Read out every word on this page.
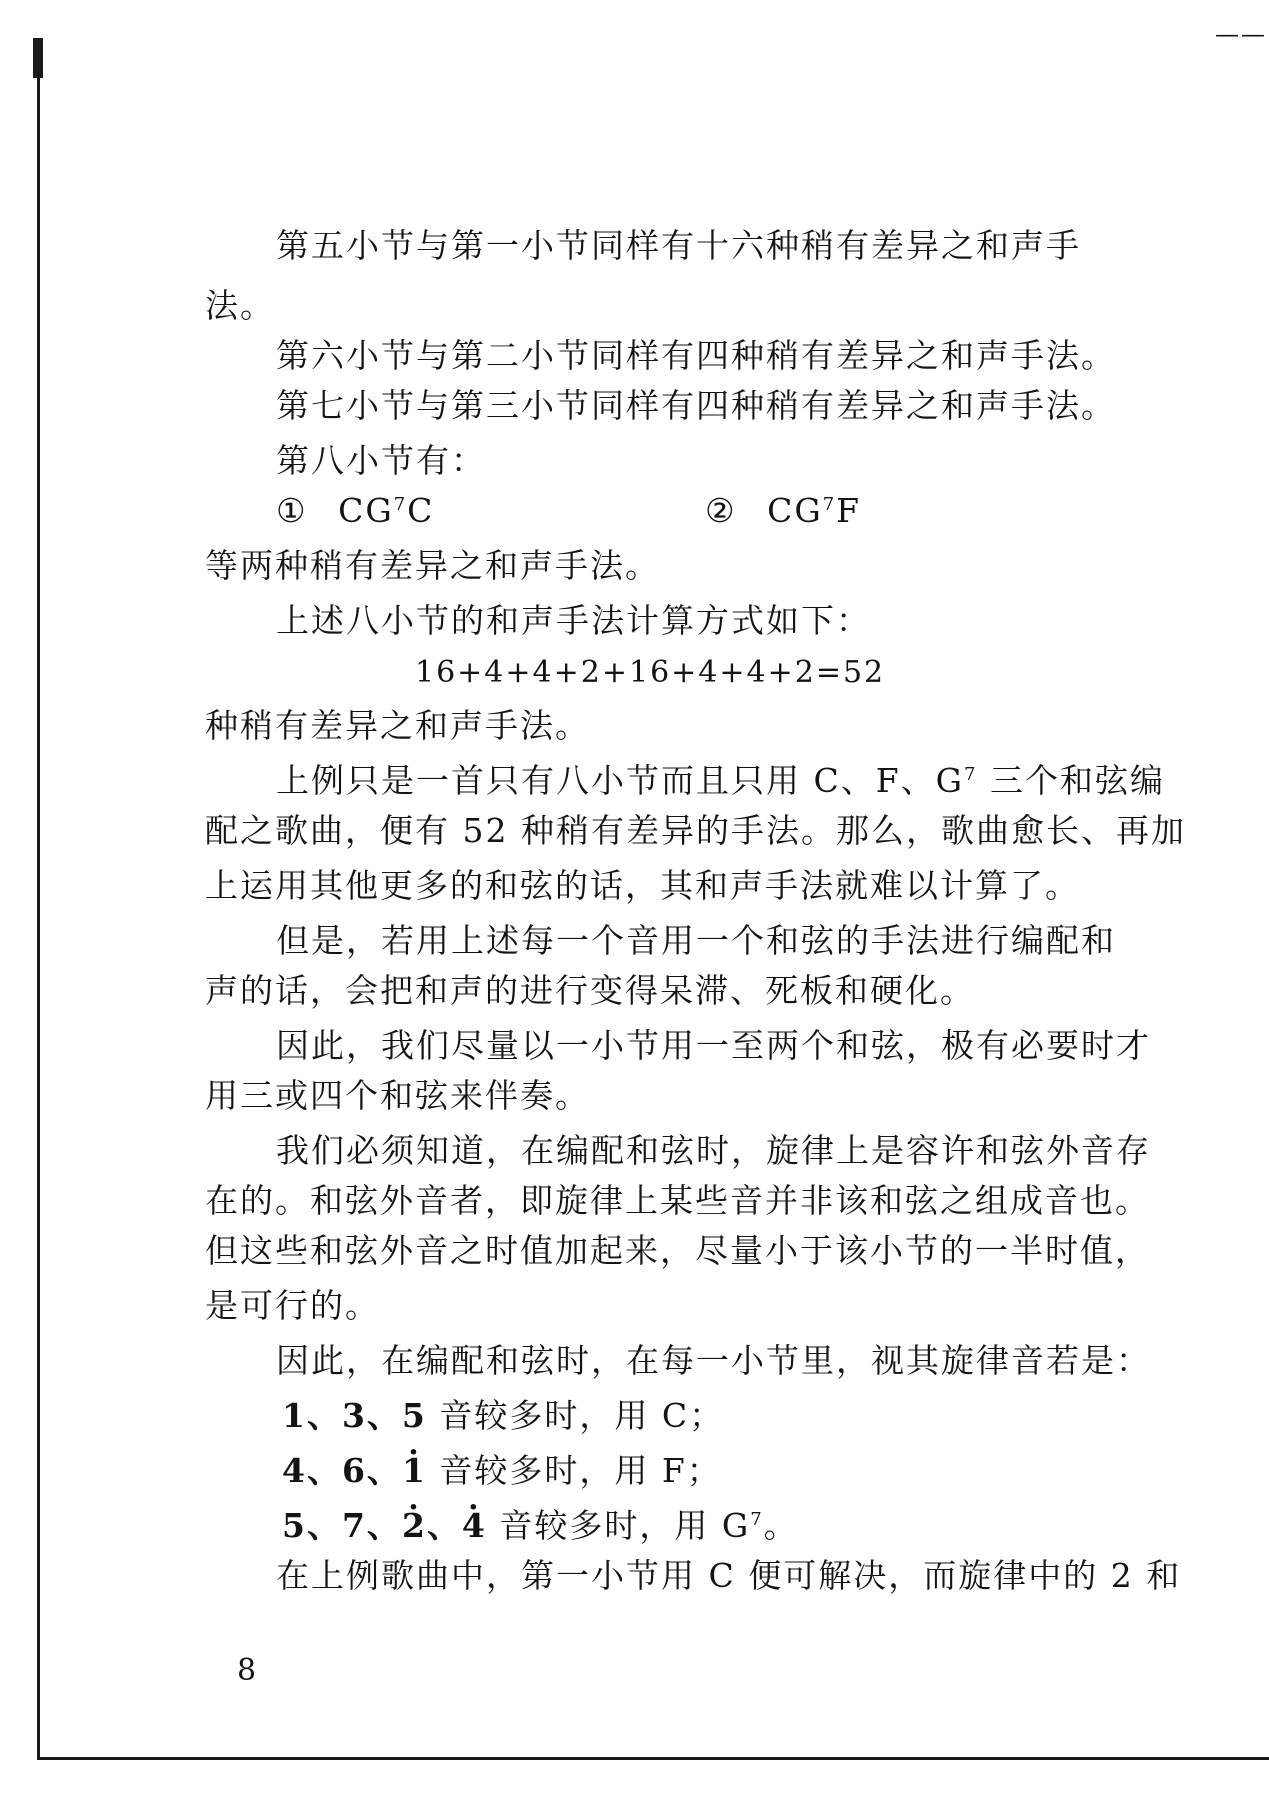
——
第五小节与第一小节同样有十六种稍有差异之和声手
法。
第六小节与第二小节同样有四种稍有差异之和声手法。
第七小节与第三小节同样有四种稍有差异之和声手法。
第八小节有：
① $CG^7C$	② $CG^7F$
等两种稍有差异之和声手法。
上述八小节的和声手法计算方式如下：
16+4+4+2+16+4+4+2=52
种稍有差异之和声手法。
上例只是一首只有八小节而且只用 C、F、$G^7$ 三个和弦编
配之歌曲，便有 52 种稍有差异的手法。那么，歌曲愈长、再加
上运用其他更多的和弦的话，其和声手法就难以计算了。
但是，若用上述每一个音用一个和弦的手法进行编配和
声的话，会把和声的进行变得呆滞、死板和硬化。
因此，我们尽量以一小节用一至两个和弦，极有必要时才
用三或四个和弦来伴奏。
我们必须知道，在编配和弦时，旋律上是容许和弦外音存
在的。和弦外音者，即旋律上某些音并非该和弦之组成音也。
但这些和弦外音之时值加起来，尽量小于该小节的一半时值，
是可行的。
因此，在编配和弦时，在每一小节里，视其旋律音若是：
1、3、5 音较多时，用 C；
4、6、· 1 音较多时，用 F；
5、7、· 2、· 4 音较多时，用 $G^7$。
在上例歌曲中，第一小节用 C 便可解决，而旋律中的 2 和
8
